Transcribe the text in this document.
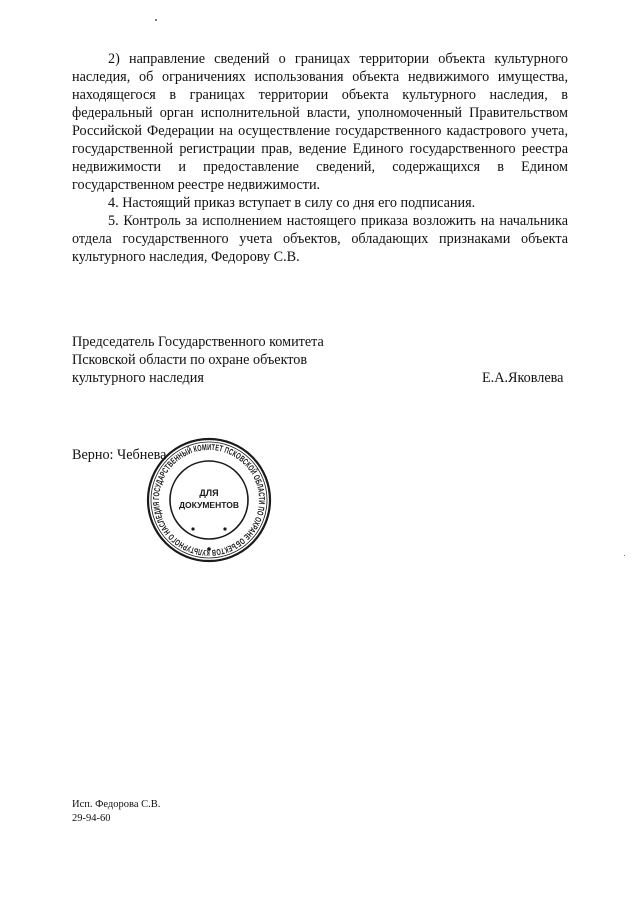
2) направление сведений о границах территории объекта культурного наследия, об ограничениях использования объекта недвижимого имущества, находящегося в границах территории объекта культурного наследия, в федеральный орган исполнительной власти, уполномоченный Правительством Российской Федерации на осуществление государственного кадастрового учета, государственной регистрации прав, ведение Единого государственного реестра недвижимости и предоставление сведений, содержащихся в Едином государственном реестре недвижимости.

4. Настоящий приказ вступает в силу со дня его подписания.

5. Контроль за исполнением настоящего приказа возложить на начальника отдела государственного учета объектов, обладающих признаками объекта культурного наследия, Федорову С.В.

Председатель Государственного комитета
Псковской области по охране объектов
культурного наследия	Е.А.Яковлева
Верно: Чебнева
ГОСУДАРСТВЕННЫЙ КОМИТЕТ ПСКОВСКОЙ ОБЛАСТИ ПО ОХРАНЕ ОБЪЕКТОВ КУЛЬТУРНОГО НАСЛЕДИЯ
ДЛЯ
ДОКУМЕНТОВ
Исп. Федорова С.В.
29-94-60
